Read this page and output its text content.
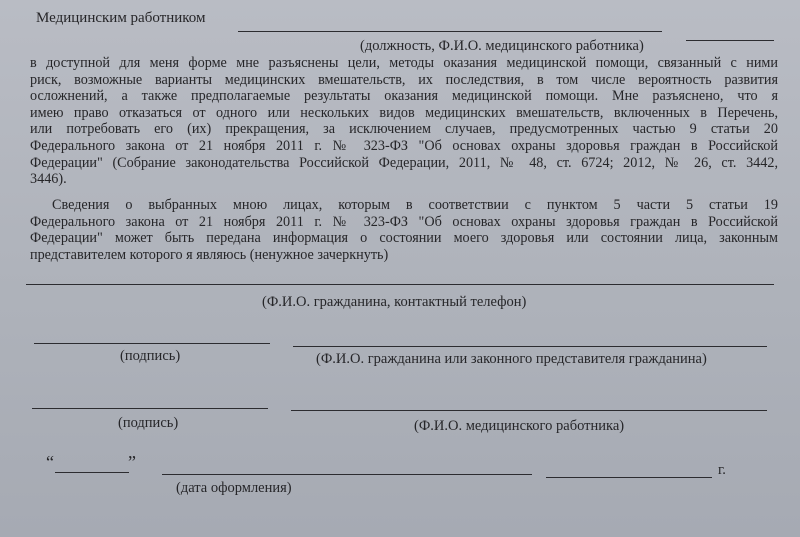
Медицинским работником
(должность, Ф.И.О. медицинского работника)
в доступной для меня форме мне разъяснены цели, методы оказания медицинской помощи, связанный с ними
риск, возможные варианты медицинских вмешательств, их последствия, в том числе вероятность развития
осложнений, а также предполагаемые результаты оказания медицинской помощи. Мне разъяснено, что я
имею право отказаться от одного или нескольких видов медицинских вмешательств, включенных в Перечень,
или потребовать его (их) прекращения, за исключением случаев, предусмотренных частью 9 статьи 20
Федерального закона от 21 ноября 2011 г. № 323-ФЗ "Об основах охраны здоровья граждан в Российской
Федерации" (Собрание законодательства Российской Федерации, 2011, № 48, ст. 6724; 2012, № 26, ст. 3442,
3446).
Сведения о выбранных мною лицах, которым в соответствии с пунктом 5 части 5 статьи 19
Федерального закона от 21 ноября 2011 г. № 323-ФЗ "Об основах охраны здоровья граждан в Российской
Федерации" может быть передана информация о состоянии моего здоровья или состоянии лица, законным
представителем которого я являюсь (ненужное зачеркнуть)
(Ф.И.О. гражданина, контактный телефон)
(подпись)	(Ф.И.О. гражданина или законного представителя гражданина)
(подпись)	(Ф.И.О. медицинского работника)
“	”	г.
(дата оформления)
